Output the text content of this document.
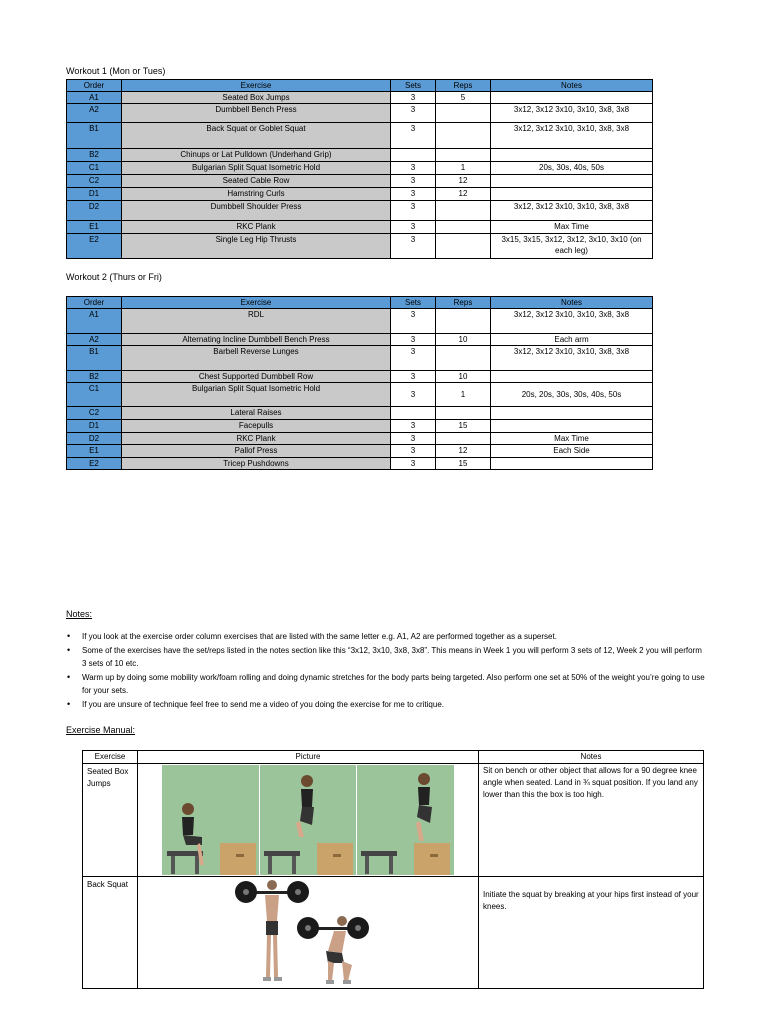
Workout 1 (Mon or Tues)
Order	Exercise	Sets	Reps	Notes
A1	Seated Box Jumps	3	5	
A2	Dumbbell Bench Press	3		3x12, 3x12 3x10, 3x10, 3x8, 3x8
B1	Back Squat or Goblet Squat	3		3x12, 3x12 3x10, 3x10, 3x8, 3x8
B2	Chinups or Lat Pulldown (Underhand Grip)			
C1	Bulgarian Split Squat Isometric Hold	3	1	20s, 30s, 40s, 50s
C2	Seated Cable Row	3	12	
D1	Hamstring Curls	3	12	
D2	Dumbbell Shoulder Press	3		3x12, 3x12 3x10, 3x10, 3x8, 3x8
E1	RKC Plank	3		Max Time
E2	Single Leg Hip Thrusts	3		3x15, 3x15, 3x12, 3x12, 3x10, 3x10 (on each leg)
Workout 2 (Thurs or Fri)
Order	Exercise	Sets	Reps	Notes
A1	RDL	3		3x12, 3x12 3x10, 3x10, 3x8, 3x8
A2	Alternating Incline Dumbbell Bench Press	3	10	Each arm
B1	Barbell Reverse Lunges	3		3x12, 3x12 3x10, 3x10, 3x8, 3x8
B2	Chest Supported Dumbbell Row	3	10	
C1	Bulgarian Split Squat Isometric Hold	3	1	20s, 20s, 30s, 30s, 40s, 50s
C2	Lateral Raises			
D1	Facepulls	3	15	
D2	RKC Plank	3		Max Time
E1	Pallof Press	3	12	Each Side
E2	Tricep Pushdowns	3	15	
Notes:
• If you look at the exercise order column exercises that are listed with the same letter e.g. A1, A2 are performed together as a superset.
• Some of the exercises have the set/reps listed in the notes section like this “3x12, 3x10, 3x8, 3x8”. This means in Week 1 you will perform 3 sets of 12, Week 2 you will perform 3 sets of 10 etc.
• Warm up by doing some mobility work/foam rolling and doing dynamic stretches for the body parts being targeted. Also perform one set at 50% of the weight you’re going to use for your sets.
• If you are unsure of technique feel free to send me a video of you doing the exercise for me to critique.
Exercise Manual:
Exercise	Picture	Notes

Seated Box Jumps		Sit on bench or other object that allows for a 90 degree knee angle when seated. Land in ¾ squat position. If you land any lower than this the box is too high.

Back Squat		Initiate the squat by breaking at your hips first instead of your knees.
